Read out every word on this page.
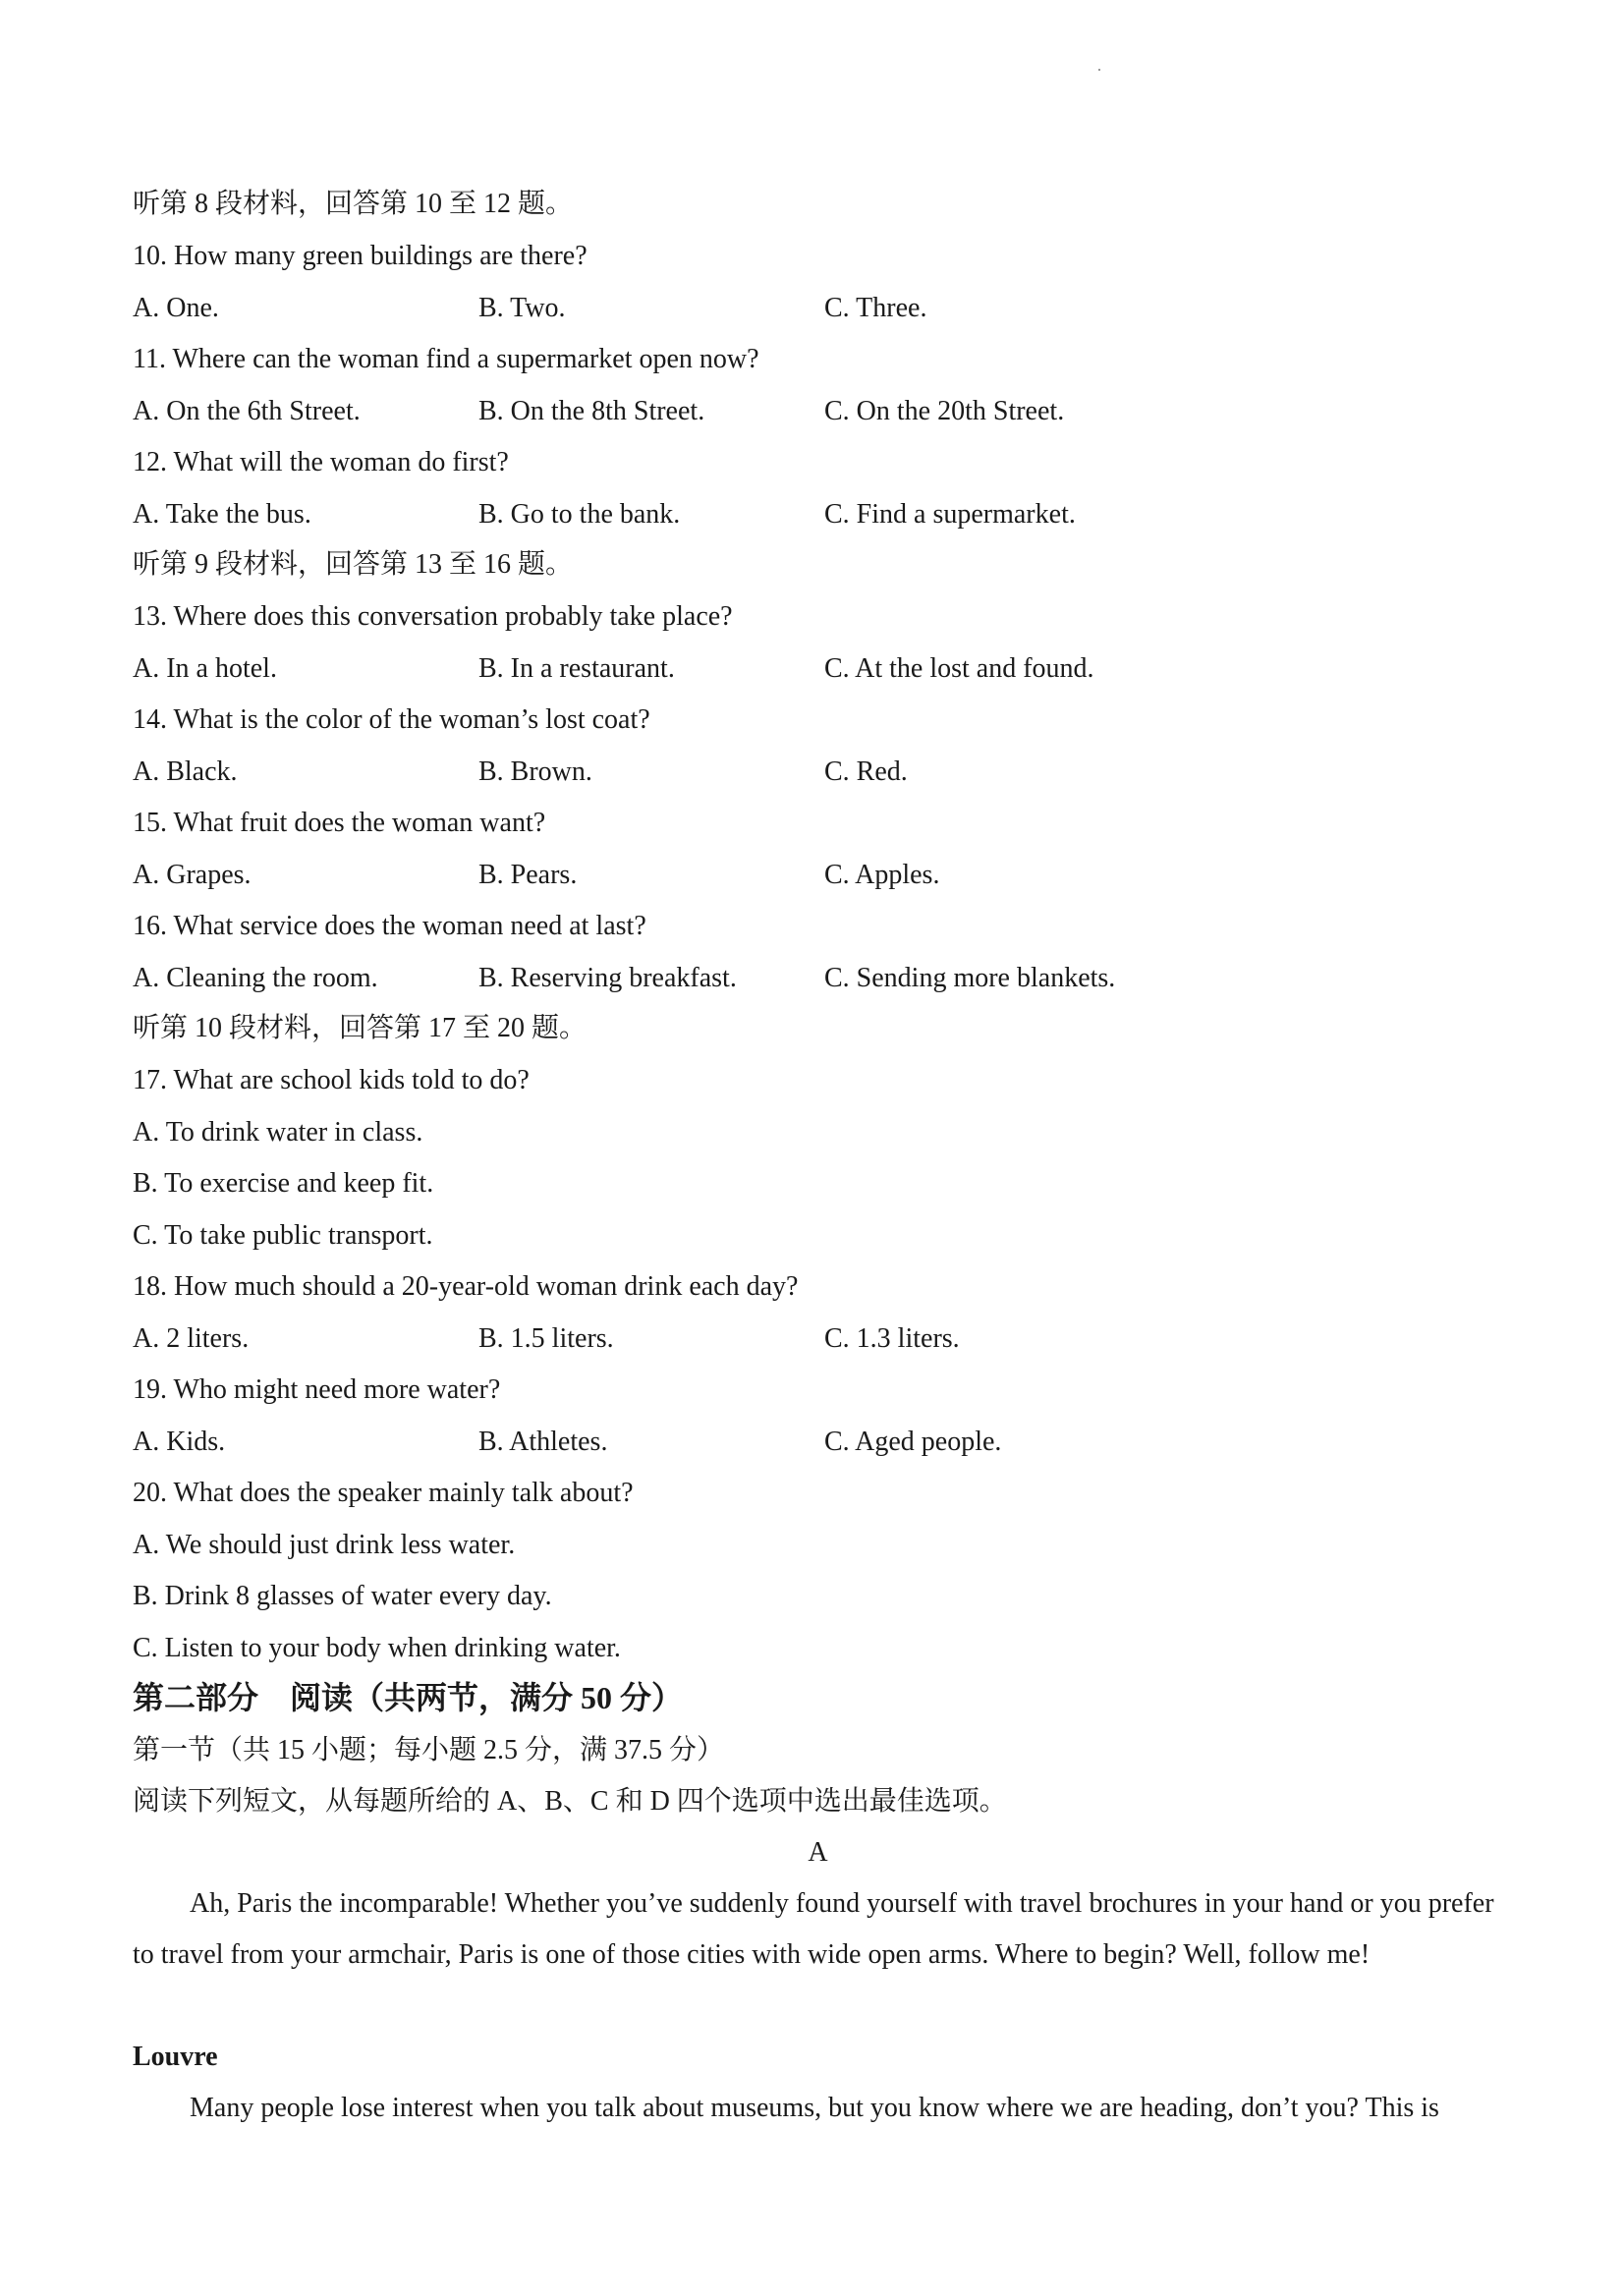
听第 8 段材料，回答第 10 至 12 题。
10. How many green buildings are there?
A. One.	B. Two.	C. Three.
11. Where can the woman find a supermarket open now?
A. On the 6th Street.	B. On the 8th Street.	C. On the 20th Street.
12. What will the woman do first?
A. Take the bus.	B. Go to the bank.	C. Find a supermarket.
听第 9 段材料，回答第 13 至 16 题。
13. Where does this conversation probably take place?
A. In a hotel.	B. In a restaurant.	C. At the lost and found.
14. What is the color of the woman’s lost coat?
A. Black.	B. Brown.	C. Red.
15. What fruit does the woman want?
A. Grapes.	B. Pears.	C. Apples.
16. What service does the woman need at last?
A. Cleaning the room.	B. Reserving breakfast.	C. Sending more blankets.
听第 10 段材料，回答第 17 至 20 题。
17. What are school kids told to do?
A. To drink water in class.
B. To exercise and keep fit.
C. To take public transport.
18. How much should a 20-year-old woman drink each day?
A. 2 liters.	B. 1.5 liters.	C. 1.3 liters.
19. Who might need more water?
A. Kids.	B. Athletes.	C. Aged people.
20. What does the speaker mainly talk about?
A. We should just drink less water.
B. Drink 8 glasses of water every day.
C. Listen to your body when drinking water.
第二部分　阅读（共两节，满分 50 分）
第一节（共 15 小题；每小题 2.5 分，满 37.5 分）
阅读下列短文，从每题所给的 A、B、C 和 D 四个选项中选出最佳选项。
A
Ah, Paris the incomparable! Whether you’ve suddenly found yourself with travel brochures in your hand or you prefer to travel from your armchair, Paris is one of those cities with wide open arms. Where to begin? Well, follow me!
Louvre
Many people lose interest when you talk about museums, but you know where we are heading, don’t you? This is
